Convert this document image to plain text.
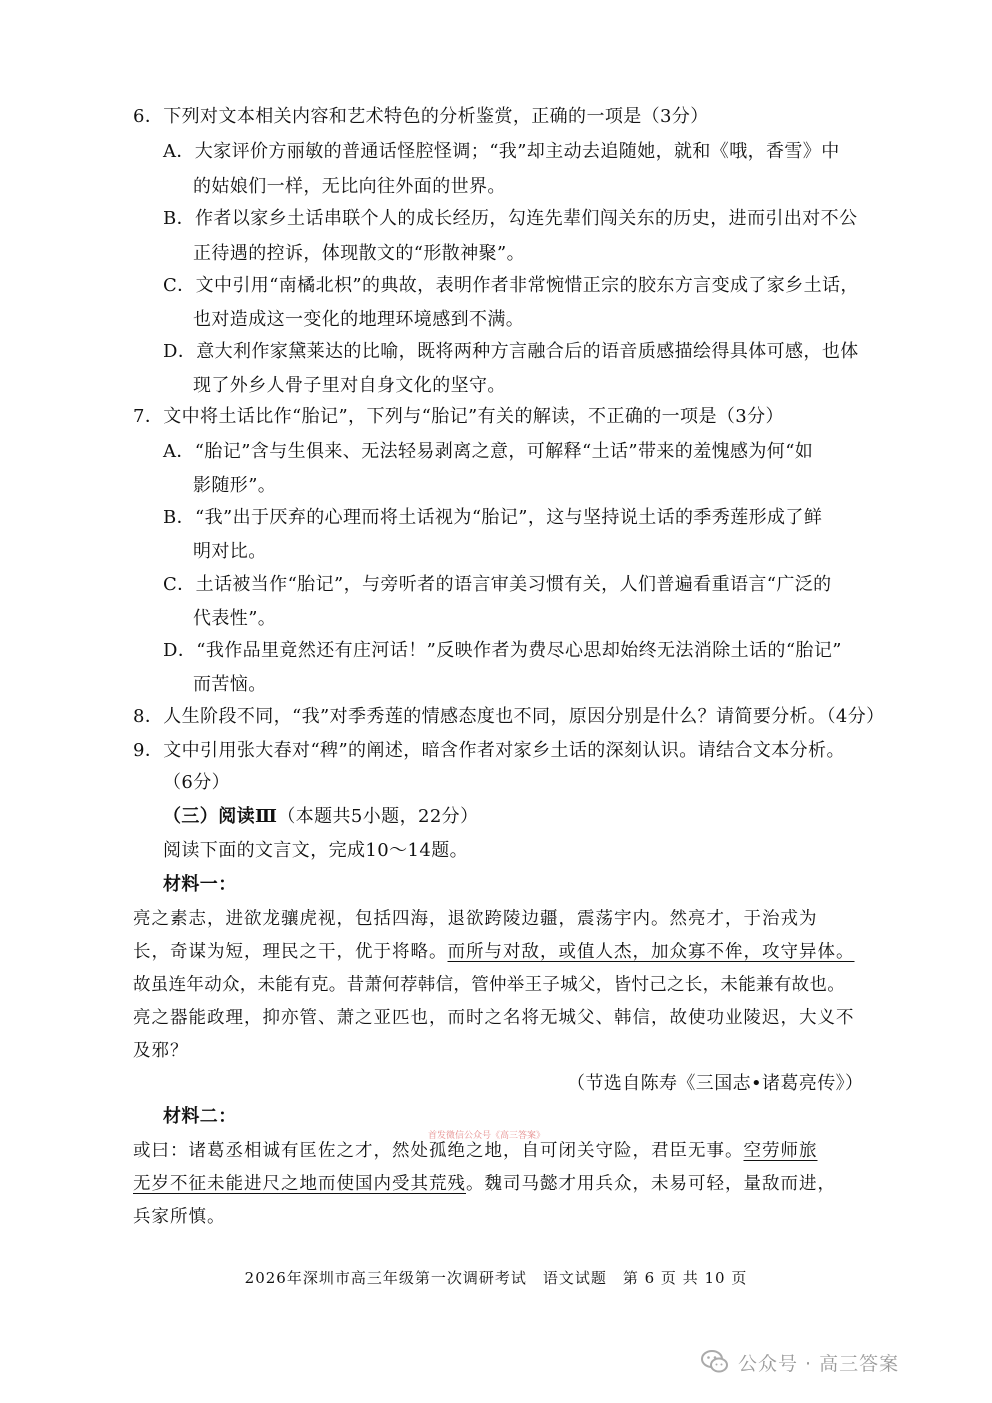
6．下列对文本相关内容和艺术特色的分析鉴赏，正确的一项是（3分）
A．大家评价方丽敏的普通话怪腔怪调；“我”却主动去追随她，就和《哦，香雪》中
的姑娘们一样，无比向往外面的世界。
B．作者以家乡土话串联个人的成长经历，勾连先辈们闯关东的历史，进而引出对不公
正待遇的控诉，体现散文的“形散神聚”。
C．文中引用“南橘北枳”的典故，表明作者非常惋惜正宗的胶东方言变成了家乡土话，
也对造成这一变化的地理环境感到不满。
D．意大利作家黛莱达的比喻，既将两种方言融合后的语音质感描绘得具体可感，也体
现了外乡人骨子里对自身文化的坚守。
7．文中将土话比作“胎记”，下列与“胎记”有关的解读，不正确的一项是（3分）
A．“胎记”含与生俱来、无法轻易剥离之意，可解释“土话”带来的羞愧感为何“如
影随形”。
B．“我”出于厌弃的心理而将土话视为“胎记”，这与坚持说土话的季秀莲形成了鲜
明对比。
C．土话被当作“胎记”，与旁听者的语言审美习惯有关，人们普遍看重语言“广泛的
代表性”。
D．“我作品里竟然还有庄河话！”反映作者为费尽心思却始终无法消除土话的“胎记”
而苦恼。
8．人生阶段不同，“我”对季秀莲的情感态度也不同，原因分别是什么？请简要分析。（4分）
9．文中引用张大春对“稗”的阐述，暗含作者对家乡土话的深刻认识。请结合文本分析。
（6分）
（三）阅读Ⅲ（本题共5小题，22分）
阅读下面的文言文，完成10～14题。
材料一：
亮之素志，进欲龙骧虎视，包括四海，退欲跨陵边疆，震荡宇内。然亮才，于治戎为
长，奇谋为短，理民之干，优于将略。而所与对敌，或值人杰，加众寡不侔，攻守异体。
故虽连年动众，未能有克。昔萧何荐韩信，管仲举王子城父，皆忖己之长，未能兼有故也。
亮之器能政理，抑亦管、萧之亚匹也，而时之名将无城父、韩信，故使功业陵迟，大义不
及邪？
（节选自陈寿《三国志•诸葛亮传》）
材料二：
首发微信公众号《高三答案》
或曰：诸葛丞相诚有匡佐之才，然处孤绝之地，自可闭关守险，君臣无事。空劳师旅
无岁不征未能进尺之地而使国内受其荒残。魏司马懿才用兵众，未易可轻，量敌而进，
兵家所慎。
2026年深圳市高三年级第一次调研考试　语文试题　第 6 页 共 10 页
公众号 · 高三答案
